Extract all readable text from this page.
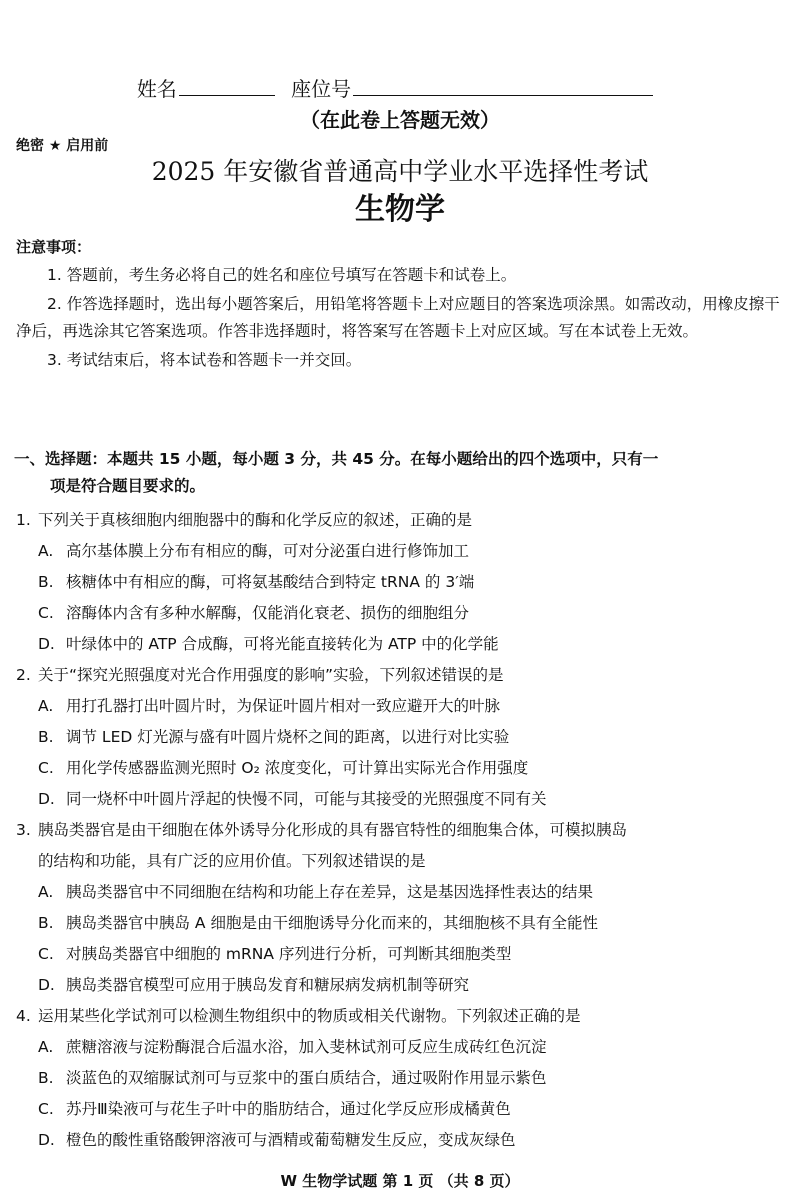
姓名	座位号
（在此卷上答题无效）
绝密 ★ 启用前
2025 年安徽省普通高中学业水平选择性考试
生物学
注意事项：

1. 答题前，考生务必将自己的姓名和座位号填写在答题卡和试卷上。

2. 作答选择题时，选出每小题答案后，用铅笔将答题卡上对应题目的答案选项涂黑。如需改动，用橡皮擦干净后，再选涂其它答案选项。作答非选择题时，将答案写在答题卡上对应区域。写在本试卷上无效。

3. 考试结束后，将本试卷和答题卡一并交回。

一、选择题：本题共 15 小题，每小题 3 分，共 45 分。在每小题给出的四个选项中，只有一
项是符合题目要求的。

1. 下列关于真核细胞内细胞器中的酶和化学反应的叙述，正确的是

A. 高尔基体膜上分布有相应的酶，可对分泌蛋白进行修饰加工

B. 核糖体中有相应的酶，可将氨基酸结合到特定 tRNA 的 3′端

C. 溶酶体内含有多种水解酶，仅能消化衰老、损伤的细胞组分

D. 叶绿体中的 ATP 合成酶，可将光能直接转化为 ATP 中的化学能

2. 关于“探究光照强度对光合作用强度的影响”实验，下列叙述错误的是

A. 用打孔器打出叶圆片时，为保证叶圆片相对一致应避开大的叶脉

B. 调节 LED 灯光源与盛有叶圆片烧杯之间的距离，以进行对比实验

C. 用化学传感器监测光照时 O₂ 浓度变化，可计算出实际光合作用强度

D. 同一烧杯中叶圆片浮起的快慢不同，可能与其接受的光照强度不同有关

3. 胰岛类器官是由干细胞在体外诱导分化形成的具有器官特性的细胞集合体，可模拟胰岛

的结构和功能，具有广泛的应用价值。下列叙述错误的是

A. 胰岛类器官中不同细胞在结构和功能上存在差异，这是基因选择性表达的结果

B. 胰岛类器官中胰岛 A 细胞是由干细胞诱导分化而来的，其细胞核不具有全能性

C. 对胰岛类器官中细胞的 mRNA 序列进行分析，可判断其细胞类型

D. 胰岛类器官模型可应用于胰岛发育和糖尿病发病机制等研究

4. 运用某些化学试剂可以检测生物组织中的物质或相关代谢物。下列叙述正确的是

A. 蔗糖溶液与淀粉酶混合后温水浴，加入斐林试剂可反应生成砖红色沉淀

B. 淡蓝色的双缩脲试剂可与豆浆中的蛋白质结合，通过吸附作用显示紫色

C. 苏丹Ⅲ染液可与花生子叶中的脂肪结合，通过化学反应形成橘黄色

D. 橙色的酸性重铬酸钾溶液可与酒精或葡萄糖发生反应，变成灰绿色

W 生物学试题 第 1 页 （共 8 页）
